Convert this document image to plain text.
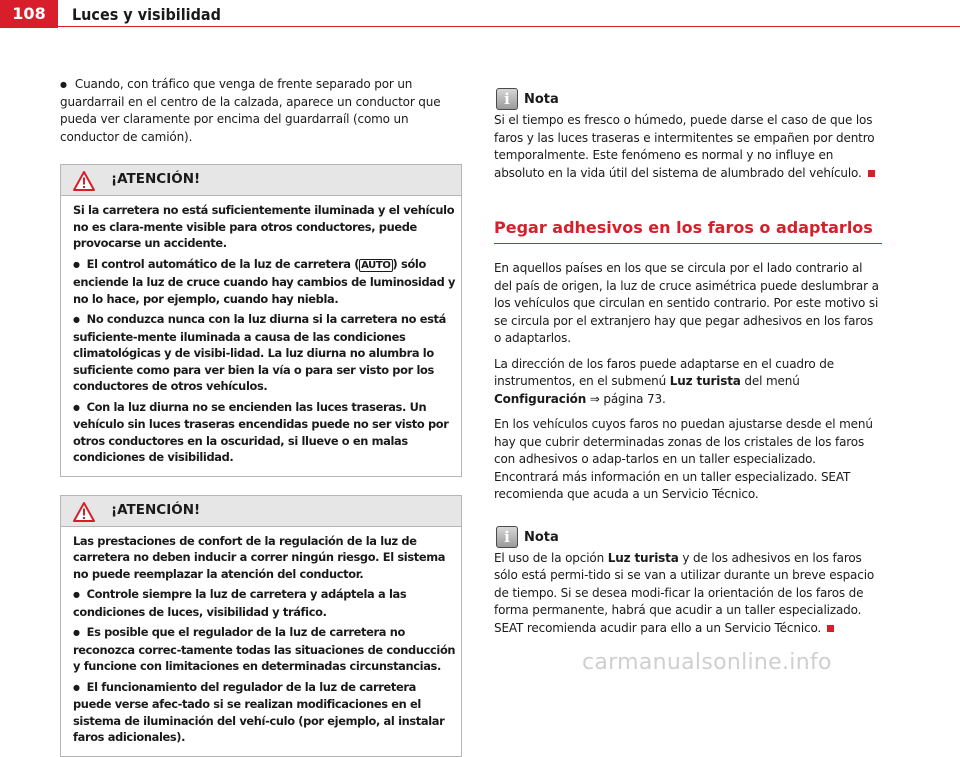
108	Luces y visibilidad

● Cuando, con tráfico que venga de frente separado por un guardarrail en el centro de la calzada, aparece un conductor que pueda ver claramente por encima del guardarraíl (como un conductor de camión).

¡ATENCIÓN!

Si la carretera no está suficientemente iluminada y el vehículo no es clara-mente visible para otros conductores, puede provocarse un accidente.

● El control automático de la luz de carretera ( AUTO ) sólo enciende la luz de cruce cuando hay cambios de luminosidad y no lo hace, por ejemplo, cuando hay niebla.

● No conduzca nunca con la luz diurna si la carretera no está suficiente-mente iluminada a causa de las condiciones climatológicas y de visibi-lidad. La luz diurna no alumbra lo suficiente como para ver bien la vía o para ser visto por los conductores de otros vehículos.

● Con la luz diurna no se encienden las luces traseras. Un vehículo sin luces traseras encendidas puede no ser visto por otros conductores en la oscuridad, si llueve o en malas condiciones de visibilidad.

¡ATENCIÓN!

Las prestaciones de confort de la regulación de la luz de carretera no deben inducir a correr ningún riesgo. El sistema no puede reemplazar la atención del conductor.

● Controle siempre la luz de carretera y adáptela a las condiciones de luces, visibilidad y tráfico.

● Es posible que el regulador de la luz de carretera no reconozca correc-tamente todas las situaciones de conducción y funcione con limitaciones en determinadas circunstancias.

● El funcionamiento del regulador de la luz de carretera puede verse afec-tado si se realizan modificaciones en el sistema de iluminación del vehí-culo (por ejemplo, al instalar faros adicionales).

i	Nota

Si el tiempo es fresco o húmedo, puede darse el caso de que los faros y las luces traseras e intermitentes se empañen por dentro temporalmente. Este fenómeno es normal y no influye en absoluto en la vida útil del sistema de alumbrado del vehículo.

Pegar adhesivos en los faros o adaptarlos

En aquellos países en los que se circula por el lado contrario al del país de origen, la luz de cruce asimétrica puede deslumbrar a los vehículos que circulan en sentido contrario. Por este motivo si se circula por el extranjero hay que pegar adhesivos en los faros o adaptarlos.

La dirección de los faros puede adaptarse en el cuadro de instrumentos, en el submenú Luz turista del menú Configuración ⇒ página 73.

En los vehículos cuyos faros no puedan ajustarse desde el menú hay que cubrir determinadas zonas de los cristales de los faros con adhesivos o adap-tarlos en un taller especializado. Encontrará más información en un taller especializado. SEAT recomienda que acuda a un Servicio Técnico.

i	Nota

El uso de la opción Luz turista y de los adhesivos en los faros sólo está permi-tido si se van a utilizar durante un breve espacio de tiempo. Si se desea modi-ficar la orientación de los faros de forma permanente, habrá que acudir a un taller especializado. SEAT recomienda acudir para ello a un Servicio Técnico.

carmanualsonline.info
